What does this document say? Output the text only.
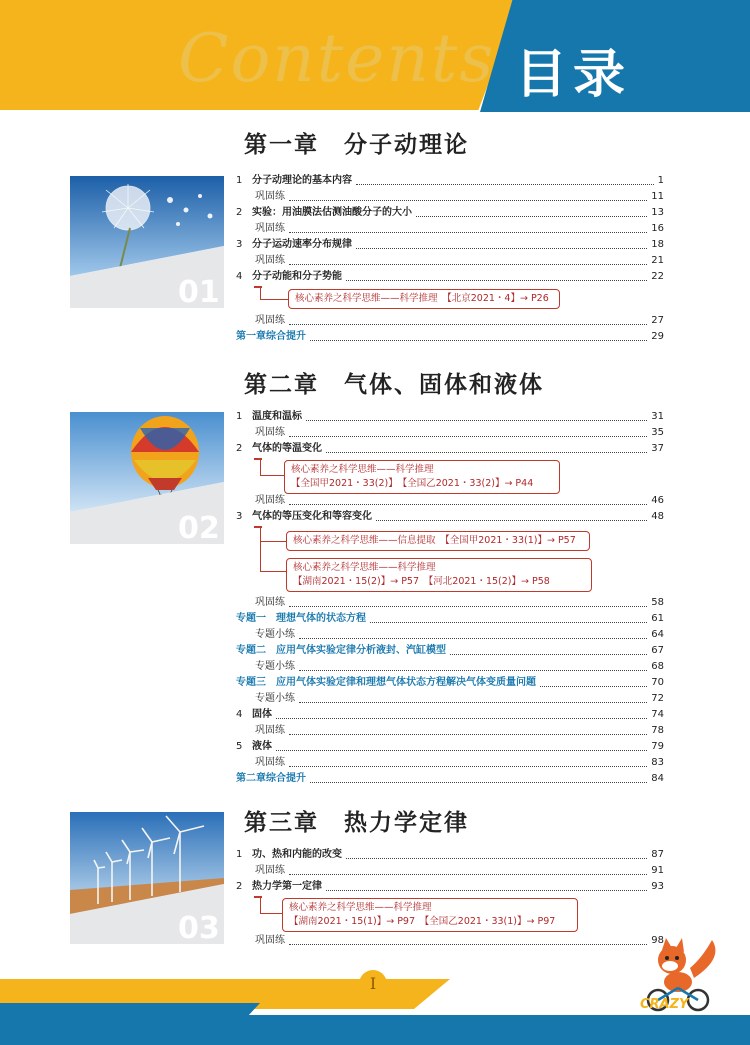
Contents 目录
第一章　分子动理论
01
1 分子动理论的基本内容	1
巩固练	11
2 实验：用油膜法估测油酸分子的大小	13
巩固练	16
3 分子运动速率分布规律	18
巩固练	21
4 分子动能和分子势能	22
核心素养之科学思维——科学推理　【北京2021・4】→ P26
巩固练	27
第一章综合提升	29
第二章　气体、固体和液体
02
1 温度和温标	31
巩固练	35
2 气体的等温变化	37
核心素养之科学思维——科学推理
【全国甲2021・33(2)】　【全国乙2021・33(2)】→ P44
巩固练	46
3 气体的等压变化和等容变化	48
核心素养之科学思维——信息提取　【全国甲2021・33(1)】→ P57
核心素养之科学思维——科学推理
【湖南2021・15(2)】→ P57　【河北2021・15(2)】→ P58
巩固练	58
专题一　理想气体的状态方程	61
专题小练	64
专题二　应用气体实验定律分析液封、汽缸模型	67
专题小练	68
专题三　应用气体实验定律和理想气体状态方程解决气体变质量问题	70
专题小练	72
4 固体	74
巩固练	78
5 液体	79
巩固练	83
第二章综合提升	84
第三章　热力学定律
03
1 功、热和内能的改变	87
巩固练	91
2 热力学第一定律	93
核心素养之科学思维——科学推理
【湖南2021・15(1)】→ P97　【全国乙2021・33(1)】→ P97
巩固练	98
Ⅰ
CRAZY
